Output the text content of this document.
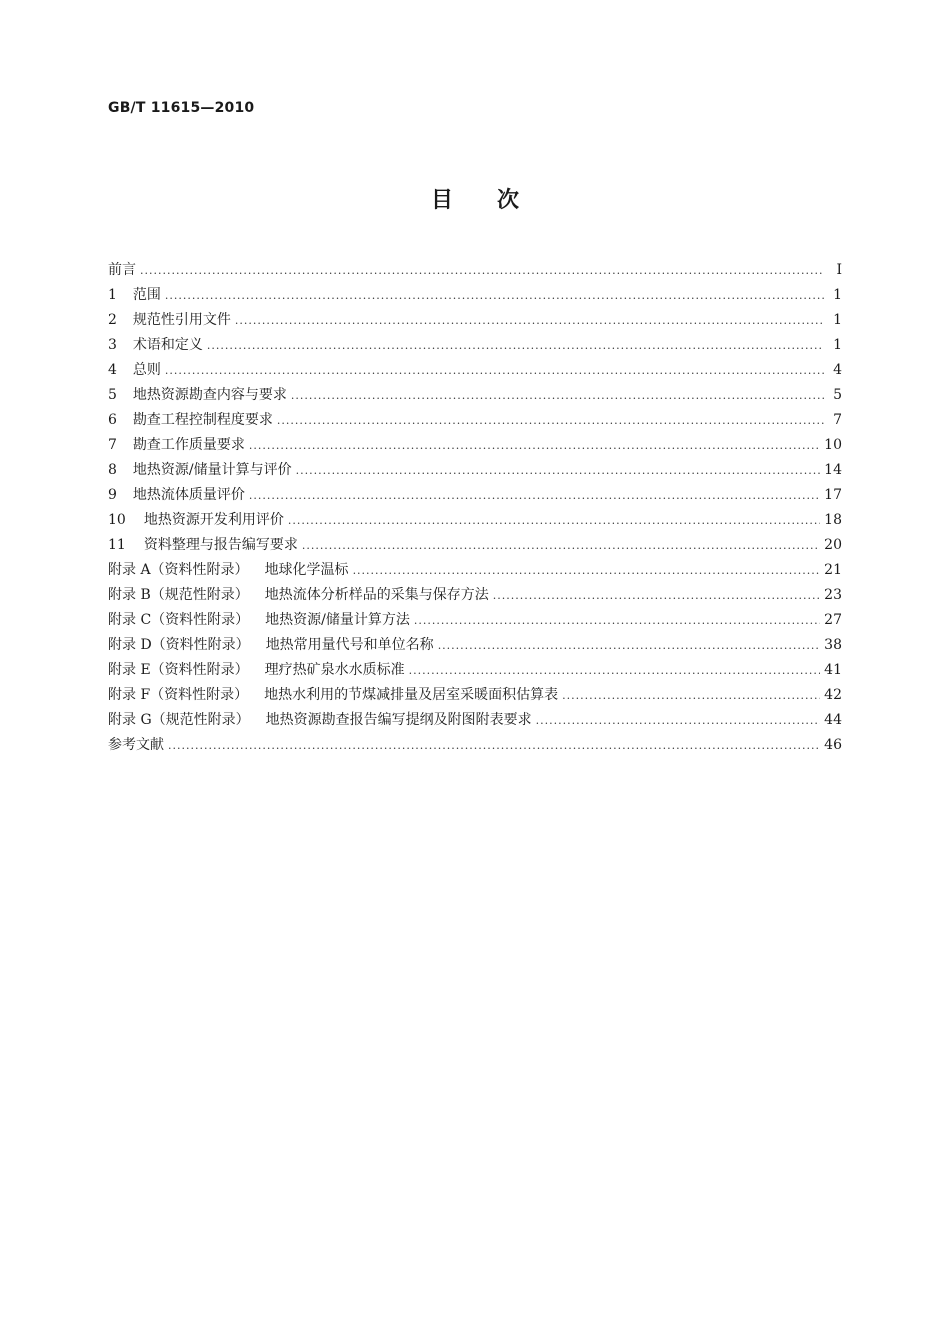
GB/T 11615—2010
目 次
前言 .....	Ⅰ
1 范围 .....	1
2 规范性引用文件 .....	1
3 术语和定义 .....	1
4 总则 .....	4
5 地热资源勘查内容与要求 .....	5
6 勘查工程控制程度要求 .....	7
7 勘查工作质量要求 .....	10
8 地热资源/储量计算与评价 .....	14
9 地热流体质量评价 .....	17
10 地热资源开发利用评价 .....	18
11 资料整理与报告编写要求 .....	20
附录 A（资料性附录） 地球化学温标 .....	21
附录 B（规范性附录） 地热流体分析样品的采集与保存方法 .....	23
附录 C（资料性附录） 地热资源/储量计算方法 .....	27
附录 D（资料性附录） 地热常用量代号和单位名称 .....	38
附录 E（资料性附录） 理疗热矿泉水水质标准 .....	41
附录 F（资料性附录） 地热水利用的节煤减排量及居室采暖面积估算表 .....	42
附录 G（规范性附录） 地热资源勘查报告编写提纲及附图附表要求 .....	44
参考文献 .....	46
